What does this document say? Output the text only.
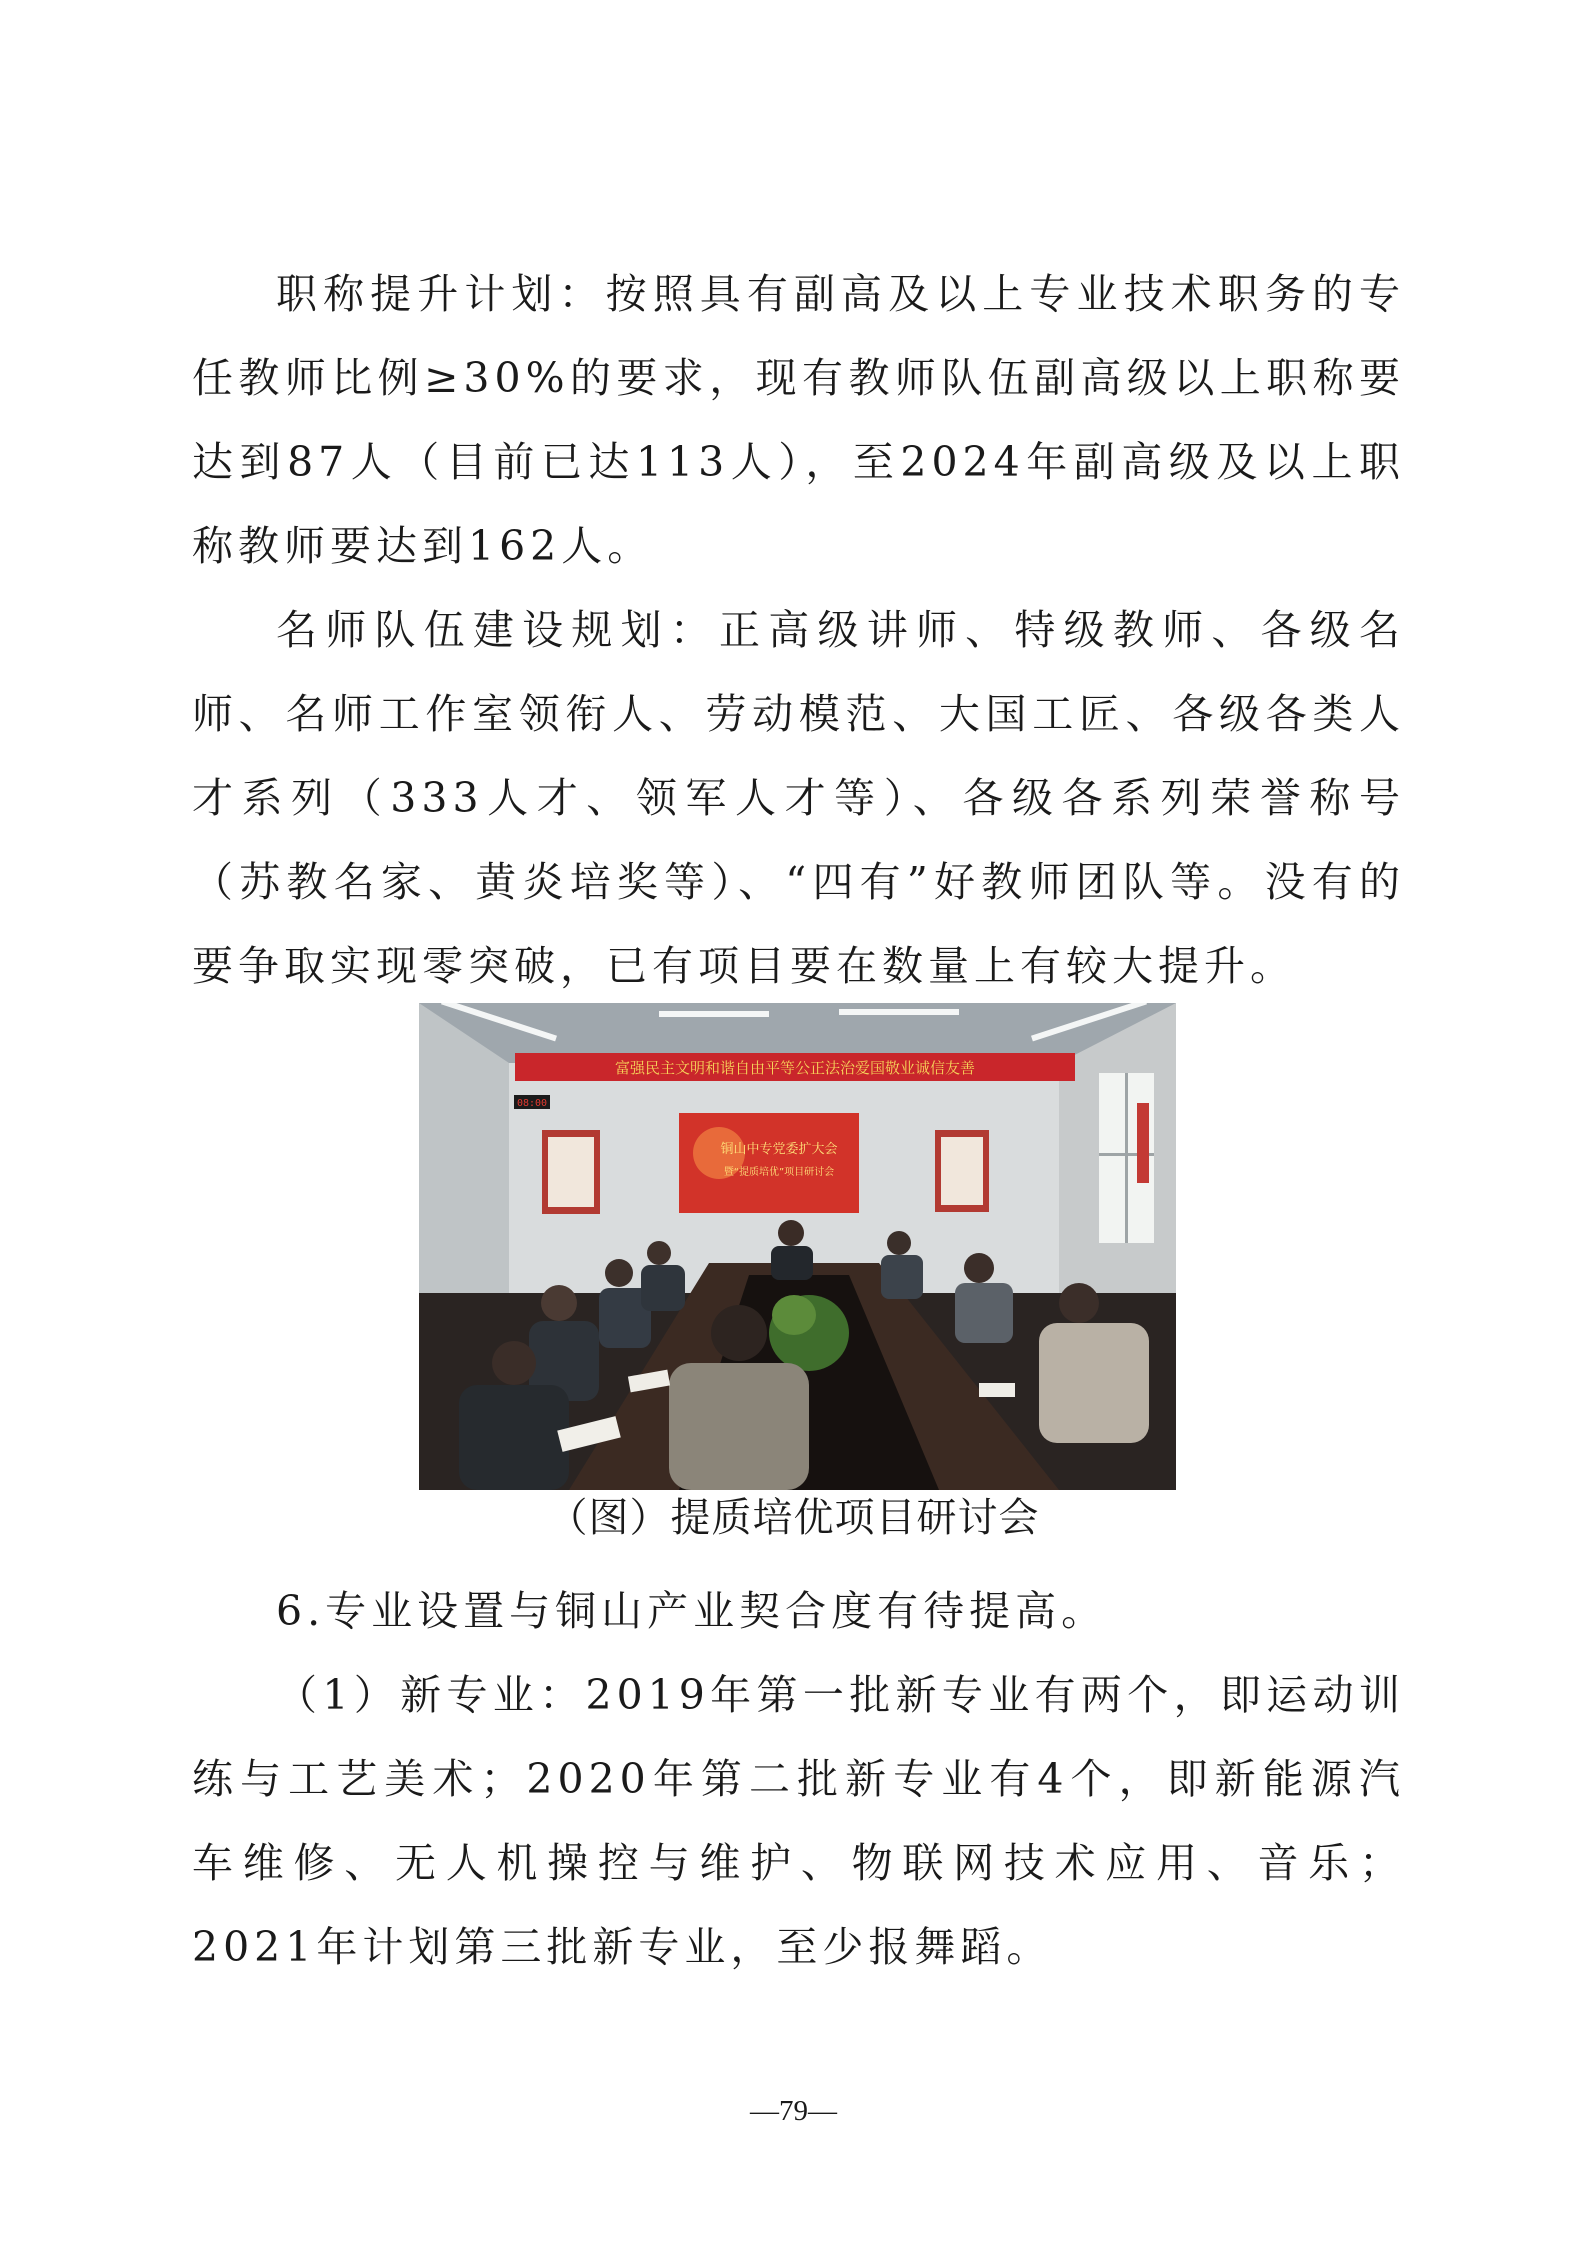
职称提升计划：按照具有副高及以上专业技术职务的专任教师比例≥30%的要求，现有教师队伍副高级以上职称要达到87人（目前已达113人），至2024年副高级及以上职称教师要达到162人。

名师队伍建设规划：正高级讲师、特级教师、各级名师、名师工作室领衔人、劳动模范、大国工匠、各级各类人才系列（333人才、领军人才等）、各级各系列荣誉称号（苏教名家、黄炎培奖等）、“四有”好教师团队等。没有的要争取实现零突破，已有项目要在数量上有较大提升。

富强民主文明和谐自由平等公正法治爱国敬业诚信友善
08:00
铜山中专党委扩大会
暨“提质培优”项目研讨会
（图）提质培优项目研讨会

6.专业设置与铜山产业契合度有待提高。

（1）新专业：2019年第一批新专业有两个，即运动训练与工艺美术；2020年第二批新专业有4个，即新能源汽车维修、无人机操控与维护、物联网技术应用、音乐；2021年计划第三批新专业，至少报舞蹈。

—79—
